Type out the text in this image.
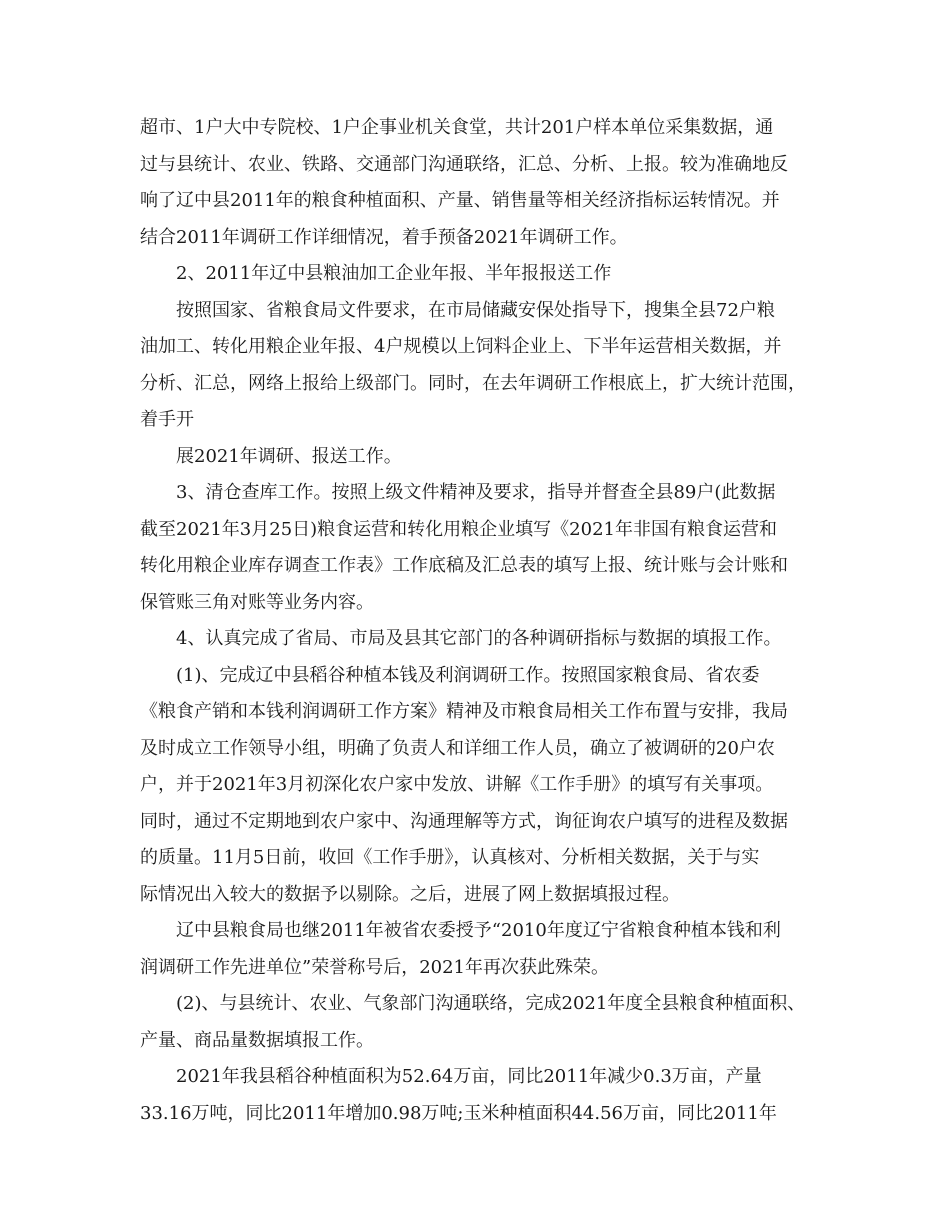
超市、1户大中专院校、1户企事业机关食堂，共计201户样本单位采集数据，通
过与县统计、农业、铁路、交通部门沟通联络，汇总、分析、上报。较为准确地反
响了辽中县2011年的粮食种植面积、产量、销售量等相关经济指标运转情况。并
结合2011年调研工作详细情况，着手预备2021年调研工作。
2、2011年辽中县粮油加工企业年报、半年报报送工作
按照国家、省粮食局文件要求，在市局储藏安保处指导下，搜集全县72户粮
油加工、转化用粮企业年报、4户规模以上饲料企业上、下半年运营相关数据，并
分析、汇总，网络上报给上级部门。同时，在去年调研工作根底上，扩大统计范围，
着手开
展2021年调研、报送工作。
3、清仓查库工作。按照上级文件精神及要求，指导并督查全县89户(此数据
截至2021年3月25日)粮食运营和转化用粮企业填写《2021年非国有粮食运营和
转化用粮企业库存调查工作表》工作底稿及汇总表的填写上报、统计账与会计账和
保管账三角对账等业务内容。
4、认真完成了省局、市局及县其它部门的各种调研指标与数据的填报工作。
(1)、完成辽中县稻谷种植本钱及利润调研工作。按照国家粮食局、省农委
《粮食产销和本钱利润调研工作方案》精神及市粮食局相关工作布置与安排，我局
及时成立工作领导小组，明确了负责人和详细工作人员，确立了被调研的20户农
户，并于2021年3月初深化农户家中发放、讲解《工作手册》的填写有关事项。
同时，通过不定期地到农户家中、沟通理解等方式，询征询农户填写的进程及数据
的质量。11月5日前，收回《工作手册》，认真核对、分析相关数据，关于与实
际情况出入较大的数据予以剔除。之后，进展了网上数据填报过程。
辽中县粮食局也继2011年被省农委授予“2010年度辽宁省粮食种植本钱和利
润调研工作先进单位”荣誉称号后，2021年再次获此殊荣。
(2)、与县统计、农业、气象部门沟通联络，完成2021年度全县粮食种植面积、
产量、商品量数据填报工作。
2021年我县稻谷种植面积为52.64万亩，同比2011年减少0.3万亩，产量
33.16万吨，同比2011年增加0.98万吨;玉米种植面积44.56万亩，同比2011年
